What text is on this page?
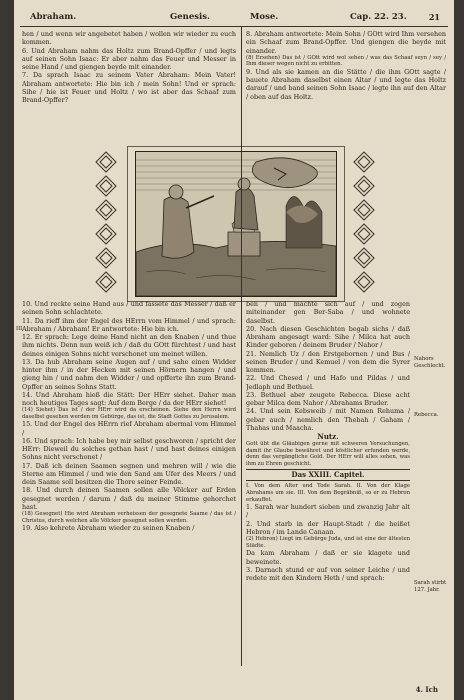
Abraham.	Genesis.	Mose.	Cap. 22. 23.	21

hen / und wenn wir angebetet haben / wollen wir wieder zu euch kommen.

6. Und Abraham nahm das Holtz zum Brand-Opffer / und legts auf seinen Sohn Isaac: Er aber nahm das Feuer und Messer in seine Hand / und giengen beyde mit einander.

7. Da sprach Isaac zu seinem Vater Abraham: Mein Vater! Abraham antwortete: Hie bin ich / mein Sohn! Und er sprach: Sihe / hie ist Feuer und Holtz / wo ist aber das Schaaf zum Brand-Opffer?

8. Abraham antwortete: Mein Sohn / GOtt wird Ihm versehen ein Schaaf zum Brand-Opffer. Und giengen die beyde mit einander.

(8) Ersehen) Das ist / GOtt wird wol sehen / was das Schaaf seyn / sey / Ihm dieser wegen nicht zu erbitten.

9. Und als sie kamen an die Stätte / die ihm GOtt sagte / bauete Abraham daselbst einen Altar / und legte das Holtz darauf / und band seinen Sohn Isaac / legte ihn auf den Altar / oben auf das Holtz.

10. Und reckte seine Hand aus / und fassete das Messer / daß er seinen Sohn schlachtete.

11. Da rieff ihm der Engel des HErrn vom Himmel / und sprach: Abraham / Abraham! Er antwortete: Hie bin ich.

12. Er sprach: Lege deine Hand nicht an den Knaben / und thue ihm nichts. Denn nun weiß ich / daß du GOtt fürchtest / und hast deines einigen Sohns nicht verschonet um meinet willen.

13. Da hub Abraham seine Augen auf / und sahe einen Widder hinter ihm / in der Hecken mit seinen Hörnern hangen / und gieng hin / und nahm den Widder / und opfferte ihn zum Brand-Opffer an seines Sohns Statt.

14. Und Abraham hieß die Stätt: Der HErr siehet. Daher man noch heutiges Tages sagt: Auf dem Berge / da der HErr siehet!

(14) Siehet) Das ist / der HErr wird da erscheinen. Siehe den Herrn wird daselbst gesehen werden im Gebürge, das ist, die Stadt Gottes zu Jerusalem.

15. Und der Engel des HErrn rief Abraham abermal vom Himmel /

16. Und sprach: Ich habe bey mir selbst geschworen / spricht der HErr: Dieweil du solches gethan hast / und hast deines einigen Sohns nicht verschonet /

17. Daß ich deinen Saamen segnen und mehren will / wie die Sterne am Himmel / und wie den Sand am Ufer des Meers / und dein Saame soll besitzen die Thore seiner Feinde.

18. Und durch deinen Saamen sollen alle Völcker auf Erden gesegnet werden / darum / daß du meiner Stimme gehorchet hast.

(18) Gesegnet) Hie wird Abraham verheissen der gesegnete Saame / das ist / Christus, durch welchen alle Völcker gesegnet sollen werden.

19. Also kehrete Abraham wieder zu seinen Knaben /

ben / und machte sich auf / und zogen miteinander gen Ber-Saba / und wohnete daselbst.

20. Nach diesen Geschichten begab sichs / daß Abraham angesagt ward: Sihe / Milca hat auch Kinder geboren / deinem Bruder / Nahor /

21. Nemlich Uz / den Erstgebornen / und Bus / seinen Bruder / und Kemuel / von dem die Syrer kommen.

22. Und Chesed / und Hafo und Pildas / und Jedlaph und Bethuel.

23. Bethuel aber zeugete Rebecca. Diese acht gebar Milca dem Nahor / Abrahams Bruder.

24. Und sein Kebsweib / mit Namen Rehuma / gebar auch / nemlich den Thebah / Gaham / Thahas und Maacha.

Nutz.

Gott übt die Gläubigen gerne mit schweren Versuchungen, damit ihr Glaube bewähret und köstlicher erfunden werde, denn das vergängliche Gold. Der HErr will alles sehen, was ihm zu Ehren geschicht.

Das XXIII. Capitel.

I. Von dem Alter und Tode Sarah. II. Von der Klage Abrahams um sie. III. Von dem Begräbniß, so er zu Hebron erkauffet.

1. Sarah war hundert sieben und zwanzig Jahr alt /

2. Und starb in der Haupt-Stadt / die heißet Hebron / im Lande Canaan.

(2) Hebron) Liegt im Gebürge Juda, und ist eine der ältesten Städte.

Da kam Abraham / daß er sie klagete und beweinete.

3. Darnach stund er auf von seiner Leiche / und redete mit den Kindern Heth / und sprach:

III.
Nahors Geschlecht.
Rebecca.
Sarah stirbt 127. Jahr.
4. Ich
